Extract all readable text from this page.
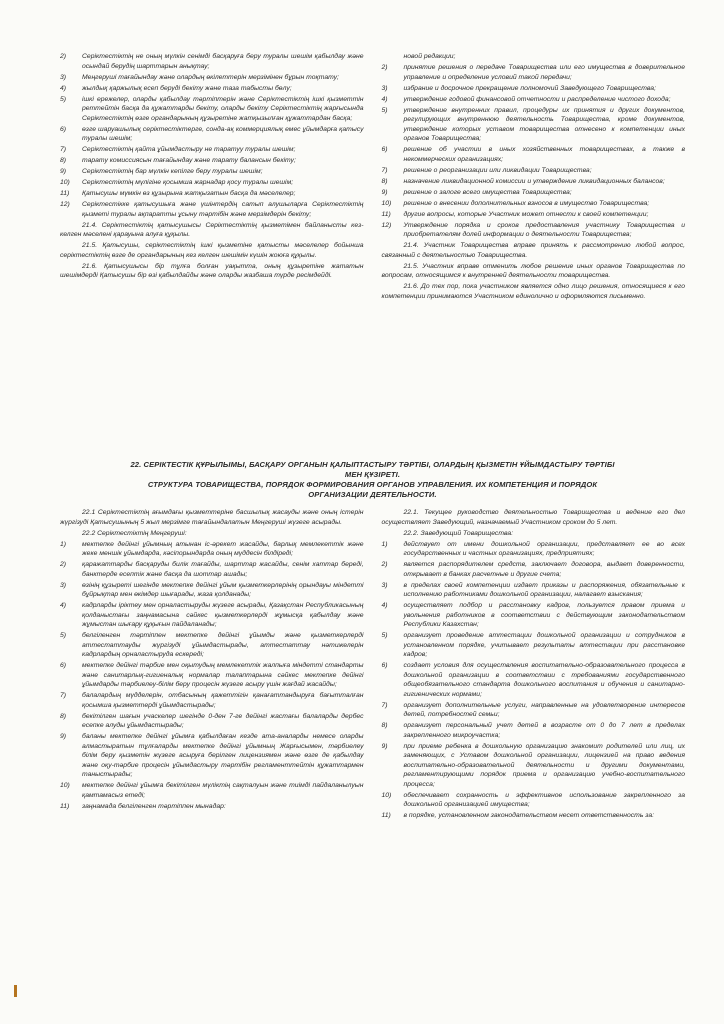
2)	Серіктестіктің не оның мүлкін сенімді басқаруға беру туралы шешім қабылдау және осындай берудің шарттарын анықтау;
3)	Меңгеруші тағайындау және олардың өкілеттерін мерзімінен бұрын тоқтату;
4)	жылдық қаржылық есеп беруді бекіту және таза табысты бөлу;
5)	ішкі ережелер, оларды қабылдау тәртіптерін және Серіктестіктің ішкі қызметтін реттейтін басқа да құжаттарды бекіту, оларды бекіту Серіктестіктің жарғысында Серіктестіктің өзге органдарының құзыретіне жатқызылған құжаттардан басқа;
6)	өзге шаруашылық серіктестіктерге, сонда-ақ коммерциялық емес ұйымдарға қатысу туралы шешім;
7)	Серіктестіктің қайта ұйымдастыру не таратуу туралы шешім;
8)	тарату комиссиясын тағайындау және тарату балансын бекіту;
9)	Серіктестіктің бар мүлкін кепілге беру туралы шешім;
10)	Серіктестіктің мүлігіне қосымша жарнадар қосу туралы шешім;
11)	Қатысушы мүмкін өз құзырына жатқызатын басқа да мәселелер;
12)	Серіктестікке қатысушыға және үшінтердің сатып алушыларға Серіктестіктің қызметі туралы ақпаратты ұсыну тәртібін және мерзімдерін бекіту;

21.4. Серіктестіктің қатысушысы Серіктестіктің қызметімен байланысты кез-келген мәселені қарауына алуға құқылы.

21.5. Қатысушы, серіктестіктің ішкі қызметіне қатысты мәселелер бойынша серіктестіктің өзге де органдарының кез келген шешімін күшін жоюға құқылы.

21.6. Қатысушысы бір тұлға болған уақытта, оның құзыретіне жататын шешімдерді Қатысушы бір өзі қабылдайды және оларды жазбаша түрде ресімдейді.

новой редакции;
2)	принятие решения о передаче Товарищества или его имущества в доверительное управление и определение условий такой передачи;
3)	избрание и досрочное прекращение полномочий Заведующего Товарищества;
4)	утверждение годовой финансовой отчетности и распределение чистого дохода;
5)	утверждение внутренних правил, процедуры их принятия и других документов, регулирующих внутреннюю деятельность Товарищества, кроме документов, утверждение которых уставом товарищества отнесено к компетенции иных органов Товарищества;
6)	решение об участии в иных хозяйственных товариществах, а также в некоммерческих организациях;
7)	решение о реорганизации или ликвидации Товарищества;
8)	назначение ликвидационной комиссии и утверждение ликвидационных балансов;
9)	решение о залоге всего имущества Товарищества;
10)	решение о внесении дополнительных взносов в имущество Товарищества;
11)	другие вопросы, которые Участник может отнести к своей компетенции;
12)	Утверждение порядка и сроков предоставления участнику Товарищества и приобретателям долей информации о деятельности Товарищества;

21.4. Участник Товарищества вправе принять к рассмотрению любой вопрос, связанный с деятельностью Товарищества.

21.5. Участник вправе отменить любое решение иных органов Товарищества по вопросам, относящимся к внутренней деятельности товарищества.

21.6. До тех пор, пока участником является одно лицо решения, относящиеся к его компетенции принимаются Участником единолично и оформляются письменно.

22. СЕРІКТЕСТІК ҚҰРЫЛЫМЫ, БАСҚАРУ ОРГАНЫН ҚАЛЫПТАСТЫРУ ТӘРТІБІ, ОЛАРДЫҢ ҚЫЗМЕТІН ҰЙЫМДАСТЫРУ ТӘРТІБІ

МЕН ҚҰЗІРЕТІ.

СТРУКТУРА ТОВАРИЩЕСТВА, ПОРЯДОК ФОРМИРОВАНИЯ ОРГАНОВ УПРАВЛЕНИЯ. ИХ КОМПЕТЕНЦИЯ И ПОРЯДОК

ОРГАНИЗАЦИИ ДЕЯТЕЛЬНОСТИ.

22.1 Серіктестіктің ағымдағы қызметтеріне басшылық жасауды және оның істерін жүргізуді Қатысушының 5 жыл мерзімге тағайындалатын Меңгеруші жүзеге асырады.

22.2 Серіктестіктің Меңгеруші:

1)	мектепке дейінгі ұйымның атынан іс-әрекет жасайды, барлық мемлекеттік және жеке меншік ұйымдарда, кәсіпорындарда оның мүддесін білдіреді;
2)	қаражаттарды басқаруды билік тағайды, шарттар жасайды, сенім хаттар береді, банктерде есептік және басқа да шоттар ашады;
3)	өзінің құзыреті шегінде мектепке дейінгі ұйым қызметкерлерінің орындауы міндетті бұйрықтар мен өкімдер шығарады, жаза қолданады;
4)	кадрларды іріктеу мен орналастыруды жүзеге асырады, Қазақстан Республикасының қолданыстағы заңнамасына сәйкес қызметкерлерді жұмысқа қабылдау және жұмыстан шығару құқығын пайдаланады;
5)	белгіленген тәртіппен мектепке дейінгі ұйымды және қызметкерлерді аттестаттауды жүргізуді ұйымдастырады, аттестаттау нәтижелерін кадрлардың орналастыруда ескереді;
6)	мектепке дейінгі тәрбие мен оқытудың мемлекеттік жалпыға міндетті стандарты және санитарлық-гигиеналық нормалар талаптарына сәйкес мектепке дейінгі ұйымдарды тәрбиелеу-білім беру процесін жүзеге асыру үшін жағдай жасайды;
7)	балалардың мүдделерін, отбасының қажеттігін қанағаттандыруға бағытталған қосымша қызметтерді ұйымдастырады;
8)	бекітілген шағын учаскелер шегінде 0-ден 7-ге дейінгі жастағы балаларды дербес есепке алуды ұйымдастырады;
9)	баланы мектепке дейінгі ұйымға қабылдаған кезде ата-аналарды немесе оларды алмастыратын тұлғаларды мектепке дейінгі ұйымның Жарғысымен, тәрбиелеу білім беру қызметін жүзеге асыруға берілген лицензиямен және өзге де қабылдау және оқу-тәрбие процесін ұйымдастыру тәртібін регламенттейтін құжаттармен таныстырады;
10)	мектепке дейінгі ұйымға бекітілген мүліктің сақталуын және тиімді пайдаланылуын қамтамасыз етеді;
11)	заңнамада белгіленген тәртіппен мынадар:

22.1. Текущее руководство деятельностью Товарищества и ведение его дел осуществляет Заведующий, назначаемый Участником сроком до 5 лет.

22.2. Заведующий Товарищества:

1)	действует от имени дошкольной организации, представляет ее во всех государственных и частных организациях, предприятиях;
2)	является распорядителем средств, заключает договора, выдает доверенности, открывает в банках расчетные и другие счета;
3)	в пределах своей компетенции издает приказы и распоряжения, обязательные к исполнению работниками дошкольной организации, налагает взыскания;
4)	осуществляет подбор и расстановку кадров, пользуется правом приема и увольнения работников в соответствии с действующим законодательством Республики Казахстан;
5)	организует проведение аттестации дошкольной организации и сотрудников в установленном порядке, учитывает результаты аттестации при расстановке кадров;
6)	создает условия для осуществления воспитательно-образовательного процесса в дошкольной организации в соответствии с требованиями государственного общеобязательного стандарта дошкольного воспитания и обучения и санитарно-гигиенических нормами;
7)	организует дополнительные услуги, направленные на удовлетворение интересов детей, потребностей семьи;
8)	организует персональный учет детей в возрасте от 0 до 7 лет в пределах закрепленного микроучастка;
9)	при приеме ребенка в дошкольную организацию знакомит родителей или лиц, их заменяющих, с Уставом дошкольной организации, лицензией на право ведения воспитательно-образовательной деятельности и другими документами, регламентирующими порядок приема и организацию учебно-воспитательного процесса;
10)	обеспечивает сохранность и эффективное использование закрепленного за дошкольной организацией имущества;
11)	в порядке, установленном законодательством несет ответственность за:
